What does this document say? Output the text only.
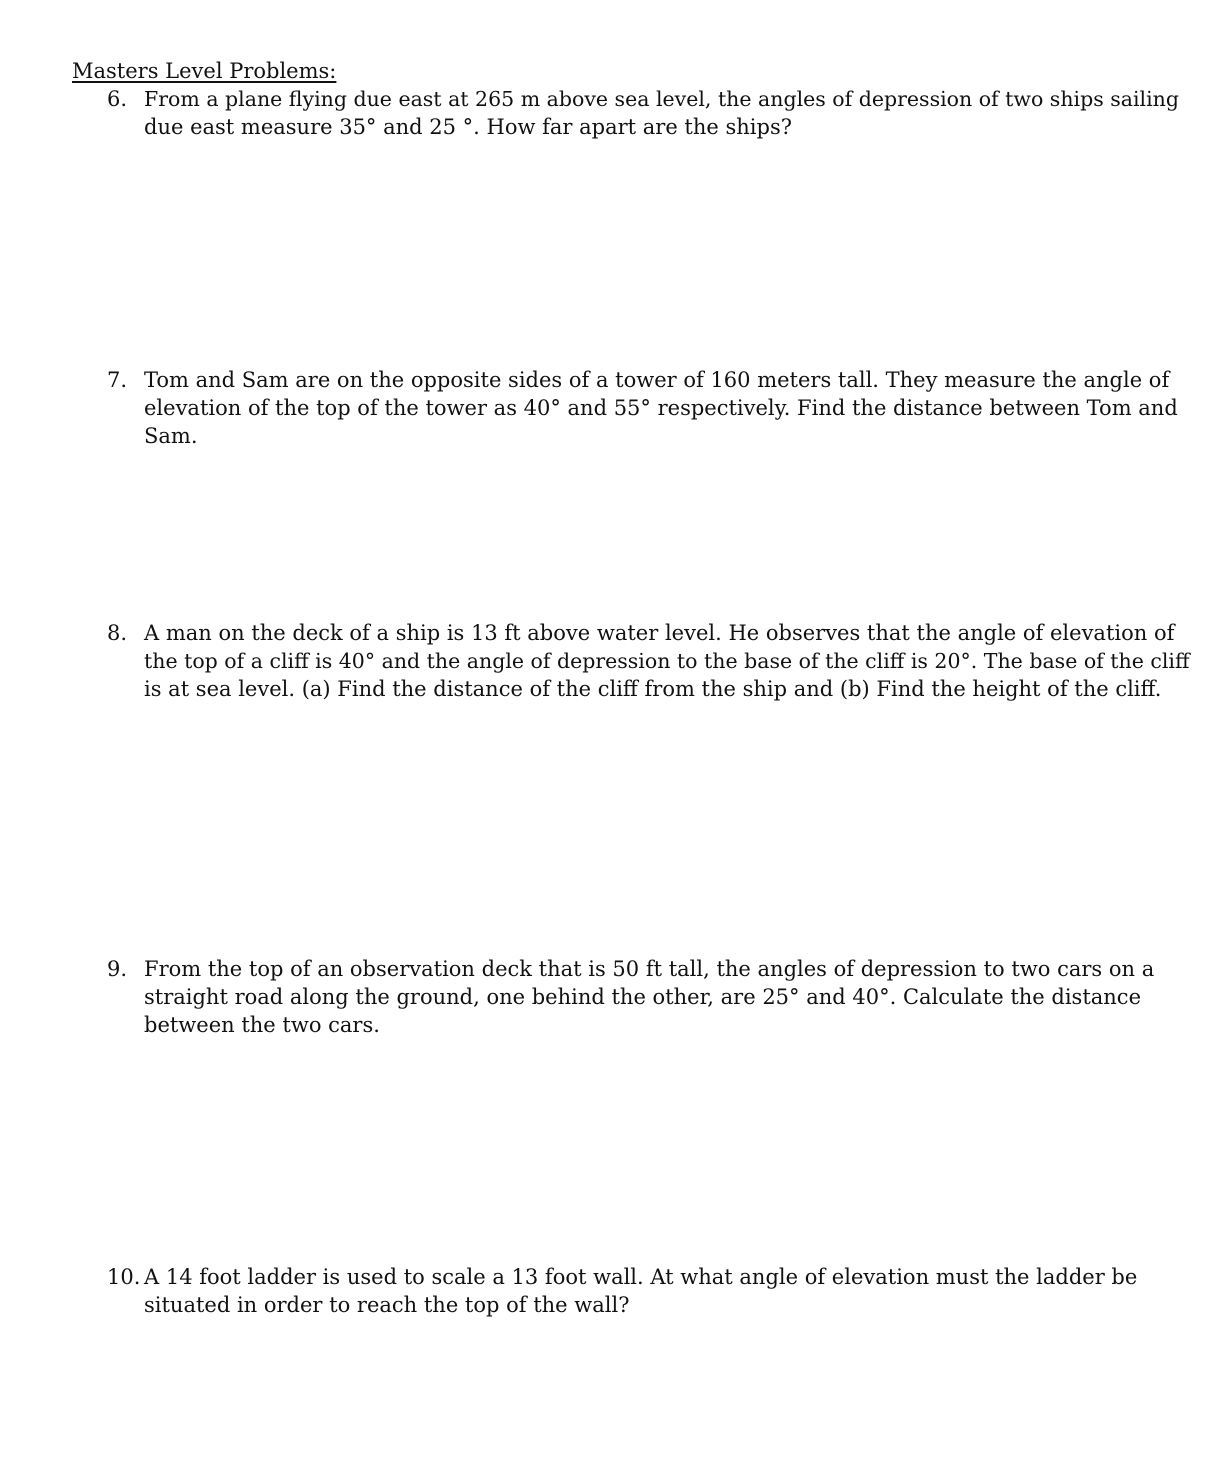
Masters Level Problems:
6. From a plane flying due east at 265 m above sea level, the angles of depression of two ships sailing
due east measure 35° and 25 °. How far apart are the ships?
7. Tom and Sam are on the opposite sides of a tower of 160 meters tall. They measure the angle of
elevation of the top of the tower as 40° and 55° respectively. Find the distance between Tom and
Sam.
8. A man on the deck of a ship is 13 ft above water level. He observes that the angle of elevation of
the top of a cliff is 40° and the angle of depression to the base of the cliff is 20°. The base of the cliff
is at sea level. (a) Find the distance of the cliff from the ship and (b) Find the height of the cliff.
9. From the top of an observation deck that is 50 ft tall, the angles of depression to two cars on a
straight road along the ground, one behind the other, are 25° and 40°. Calculate the distance
between the two cars.
10. A 14 foot ladder is used to scale a 13 foot wall. At what angle of elevation must the ladder be
situated in order to reach the top of the wall?
